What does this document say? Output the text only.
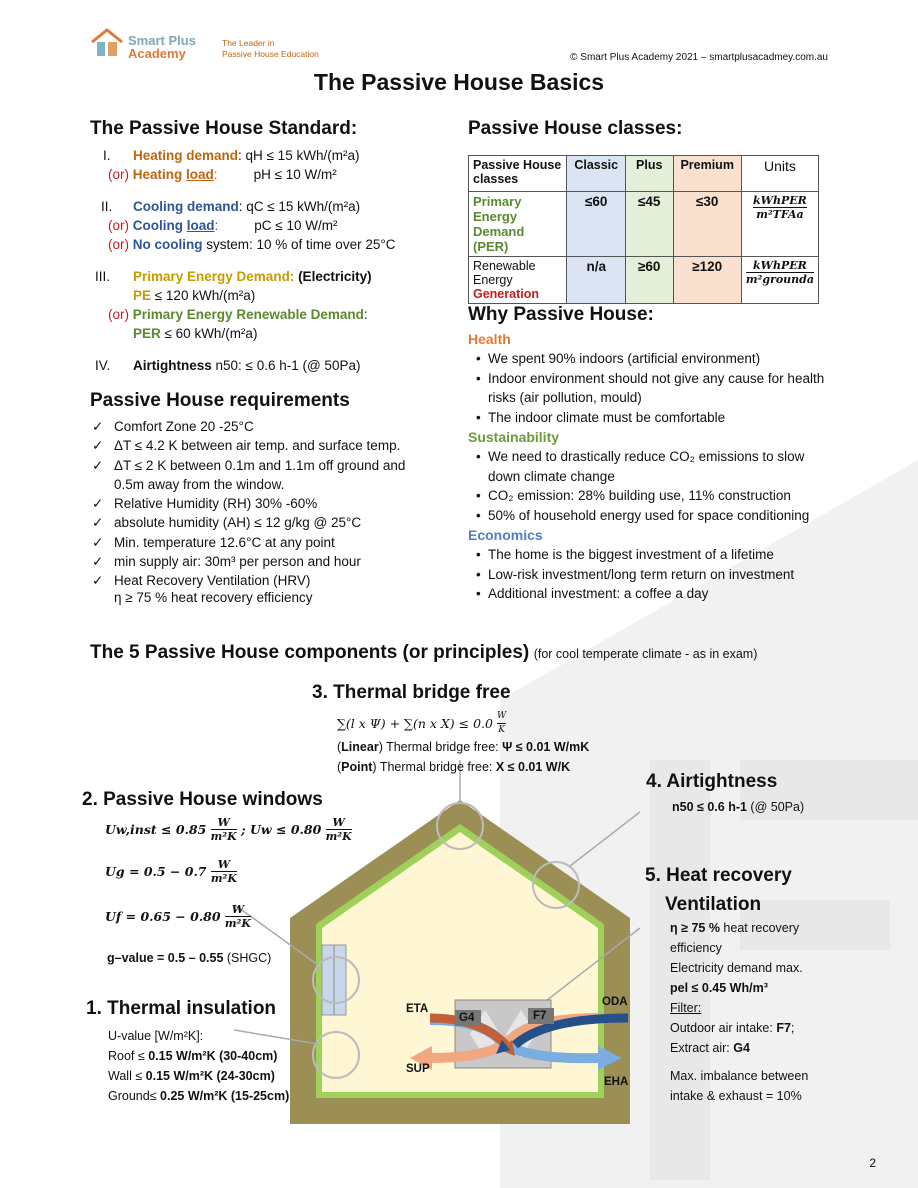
Smart Plus
Academy
The Leader in
Passive House Education	© Smart Plus Academy 2021 – smartplusacadmey.com.au
The Passive House Basics
The Passive House Standard:
I. Heating demand: qH ≤ 15 kWh/(m²a)
(or) Heating load:	pH ≤ 10 W/m²
II. Cooling demand: qC ≤ 15 kWh/(m²a)
(or) Cooling load:	pC ≤ 10 W/m²
(or) No cooling system: 10 % of time over 25°C
III. Primary Energy Demand: (Electricity)
PE ≤ 120 kWh/(m²a)
(or) Primary Energy Renewable Demand:
PER ≤ 60 kWh/(m²a)
IV. Airtightness n50: ≤ 0.6 h-1 (@ 50Pa)
Passive House requirements
✓ Comfort Zone 20 -25°C
✓ ΔT ≤ 4.2 K between air temp. and surface temp.
✓ ΔT ≤ 2 K between 0.1m and 1.1m off ground and 0.5m away from the window.
✓ Relative Humidity (RH) 30% -60%
✓ absolute humidity (AH) ≤ 12 g/kg @ 25°C
✓ Min. temperature 12.6°C at any point
✓ min supply air: 30m³ per person and hour
✓ Heat Recovery Ventilation (HRV)
η ≥ 75 % heat recovery efficiency
Passive House classes:
Passive House classes	Classic	Plus	Premium	Units
Primary Energy Demand (PER)	≤60	≤45	≤30	$\frac{\text{kWhPER}}{\text{m²TFAa}}$

Renewable Energy
Generation	n/a	≥60	≥120	$\frac{\text{kWhPER}}{\text{m²grounda}}$
Why Passive House:
Health
• We spent 90% indoors (artificial environment)
• Indoor environment should not give any cause for health risks (air pollution, mould)
• The indoor climate must be comfortable
Sustainability
• We need to drastically reduce CO₂ emissions to slow down climate change
• CO₂ emission: 28% building use, 11% construction
• 50% of household energy used for space conditioning
Economics
• The home is the biggest investment of a lifetime
• Low-risk investment/long term return on investment
• Additional investment: a coffee a day
The 5 Passive House components (or principles) (for cool temperate climate - as in exam)
G4	F7
ETA
SUP
ODA
EHA
3. Thermal bridge free
∑(l x Ψ) + ∑(n x $X) \le 0.0 \frac{W}{K}$
(Linear) Thermal bridge free: Ψ ≤ 0.01 W/mK
(Point) Thermal bridge free: X ≤ 0.01 W/K
4. Airtightness
n50 ≤ 0.6 h-1 (@ 50Pa)
2. Passive House windows
Uw,inst ≤ $0.85 \frac{W}{\text{m²K}}$ ; $Uw \le 0.80 \frac{W}{\text{m²K}}$
$Ug = 0.5 - 0.7 \frac{W}{\text{m²K}}$
$Uf = 0.65 - 0.80 \frac{W}{\text{m²K}}$
g–value = 0.5 – 0.55 (SHGC)
1. Thermal insulation
U-value [W/m²K]:
Roof ≤ 0.15 W/m²K (30-40cm)
Wall ≤ 0.15 W/m²K (24-30cm)
Ground≤ 0.25 W/m²K (15-25cm)
5. Heat recovery
Ventilation
η ≥ 75 % heat recovery efficiency
Electricity demand max.
pel ≤ 0.45 Wh/m³
Filter:
Outdoor air intake: F7;
Extract air: G4
Max. imbalance between intake & exhaust = 10%
2
